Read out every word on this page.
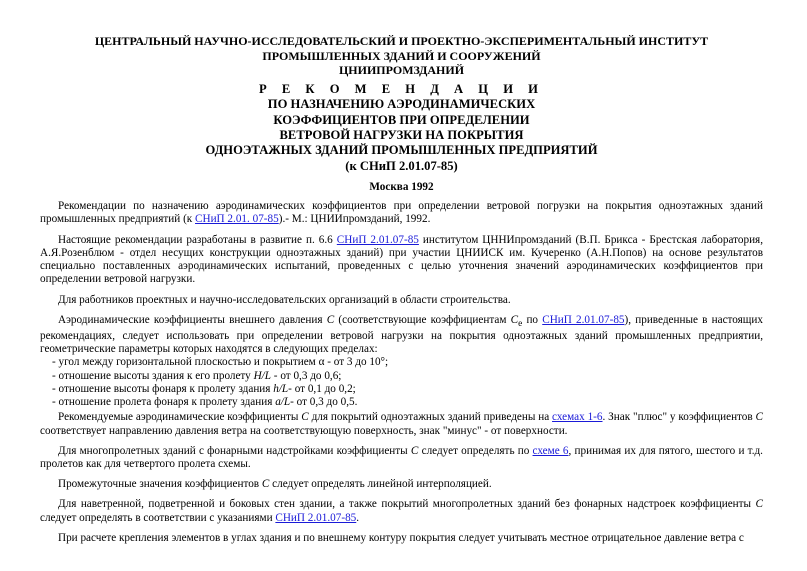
ЦЕНТРАЛЬНЫЙ НАУЧНО-ИССЛЕДОВАТЕЛЬСКИЙ И ПРОЕКТНО-ЭКСПЕРИМЕНТАЛЬНЫЙ ИНСТИТУТ ПРОМЫШЛЕННЫХ ЗДАНИЙ И СООРУЖЕНИЙ
ЦНИИПРОМЗДАНИЙ
Р Е К О М Е Н Д А Ц И И
ПО НАЗНАЧЕНИЮ АЭРОДИНАМИЧЕСКИХ
КОЭФФИЦИЕНТОВ ПРИ ОПРЕДЕЛЕНИИ
ВЕТРОВОЙ НАГРУЗКИ НА ПОКРЫТИЯ
ОДНОЭТАЖНЫХ ЗДАНИЙ ПРОМЫШЛЕННЫХ ПРЕДПРИЯТИЙ
(к СНиП 2.01.07-85)
Москва 1992

Рекомендации по назначению аэродинамических коэффициентов при определении ветровой погрузки на покрытия одноэтажных зданий промышленных предприятий (к СНиП 2.01. 07-85).- М.: ЦНИИпромзданий, 1992.

Настоящие рекомендации разработаны в развитие п. 6.6 СНиП 2.01.07-85 институтом ЦННИпромзданий (В.П. Брикса - Брестская лаборатория, А.Я.Розенблюм - отдел несущих конструкции одноэтажных зданий) при участии ЦНИИСК им. Кучеренко (А.Н.Попов) на основе результатов специально поставленных аэродинамических испытаний, проведенных с целью уточнения значений аэродинамических коэффициентов при определении ветровой нагрузки.

Для работников проектных и научно-исследовательских организаций в области строительства.

Аэродинамические коэффициенты внешнего давления С (соответствующие коэффициентам $С_е$ по СНиП 2.01.07-85), приведенные в настоящих рекомендациях, следует использовать при определении ветровой нагрузки на покрытия одноэтажных зданий промышленных предприятии, геометрические параметры которых находятся в следующих пределах:

- угол между горизонтальной плоскостью и покрытием α - от 3 до 10°;
- отношение высоты здания к его пролету H/L - от 0,3 до 0,6;
- отношение высоты фонаря к пролету здания h/L- от 0,1 до 0,2;
- отношение пролета фонаря к пролету здания a/L- от 0,3 до 0,5.

Рекомендуемые аэродинамические коэффициенты С для покрытий одноэтажных зданий приведены на схемах 1-6. Знак "плюс" у коэффициентов С соответствует направлению давления ветра на соответствующую поверхность, знак "минус" - от поверхности.

Для многопролетных зданий с фонарными надстройками коэффициенты С следует определять по схеме 6, принимая их для пятого, шестого и т.д. пролетов как для четвертого пролета схемы.

Промежуточные значения коэффициентов С следует определять линейной интерполяцией.

Для наветренной, подветренной и боковых стен здании, а также покрытий многопролетных зданий без фонарных надстроек коэффициенты С следует определять в соответствии с указаниями СНиП 2.01.07-85.

При расчете крепления элементов в углах здания и по внешнему контуру покрытия следует учитывать местное отрицательное давление ветра с
